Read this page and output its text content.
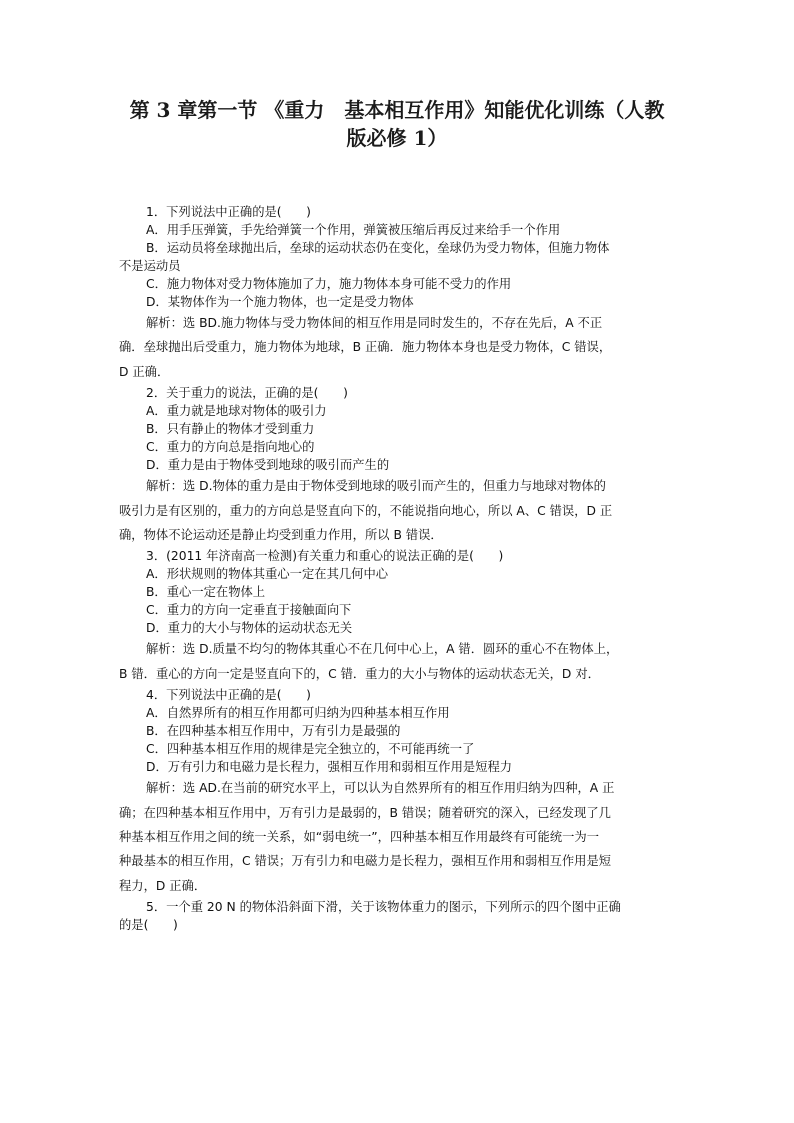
第 3 章第一节 《重力　基本相互作用》知能优化训练（人教
版必修 1）
1．下列说法中正确的是(　　)
A．用手压弹簧，手先给弹簧一个作用，弹簧被压缩后再反过来给手一个作用
B．运动员将垒球抛出后，垒球的运动状态仍在变化，垒球仍为受力物体，但施力物体
不是运动员
C．施力物体对受力物体施加了力，施力物体本身可能不受力的作用
D．某物体作为一个施力物体，也一定是受力物体
解析：选 BD.施力物体与受力物体间的相互作用是同时发生的，不存在先后，A 不正
确．垒球抛出后受重力，施力物体为地球，B 正确．施力物体本身也是受力物体，C 错误，
D 正确．
2．关于重力的说法，正确的是(　　)
A．重力就是地球对物体的吸引力
B．只有静止的物体才受到重力
C．重力的方向总是指向地心的
D．重力是由于物体受到地球的吸引而产生的
解析：选 D.物体的重力是由于物体受到地球的吸引而产生的，但重力与地球对物体的
吸引力是有区别的，重力的方向总是竖直向下的，不能说指向地心，所以 A、C 错误，D 正
确，物体不论运动还是静止均受到重力作用，所以 B 错误．
3．(2011 年济南高一检测)有关重力和重心的说法正确的是(　　)
A．形状规则的物体其重心一定在其几何中心
B．重心一定在物体上
C．重力的方向一定垂直于接触面向下
D．重力的大小与物体的运动状态无关
解析：选 D.质量不均匀的物体其重心不在几何中心上，A 错．圆环的重心不在物体上，
B 错．重心的方向一定是竖直向下的，C 错．重力的大小与物体的运动状态无关，D 对．
4．下列说法中正确的是(　　)
A．自然界所有的相互作用都可归纳为四种基本相互作用
B．在四种基本相互作用中，万有引力是最强的
C．四种基本相互作用的规律是完全独立的，不可能再统一了
D．万有引力和电磁力是长程力，强相互作用和弱相互作用是短程力
解析：选 AD.在当前的研究水平上，可以认为自然界所有的相互作用归纳为四种，A 正
确；在四种基本相互作用中，万有引力是最弱的，B 错误；随着研究的深入，已经发现了几
种基本相互作用之间的统一关系，如“弱电统一”，四种基本相互作用最终有可能统一为一
种最基本的相互作用，C 错误；万有引力和电磁力是长程力，强相互作用和弱相互作用是短
程力，D 正确．
5．一个重 20 N 的物体沿斜面下滑，关于该物体重力的图示，下列所示的四个图中正确
的是(　　)
